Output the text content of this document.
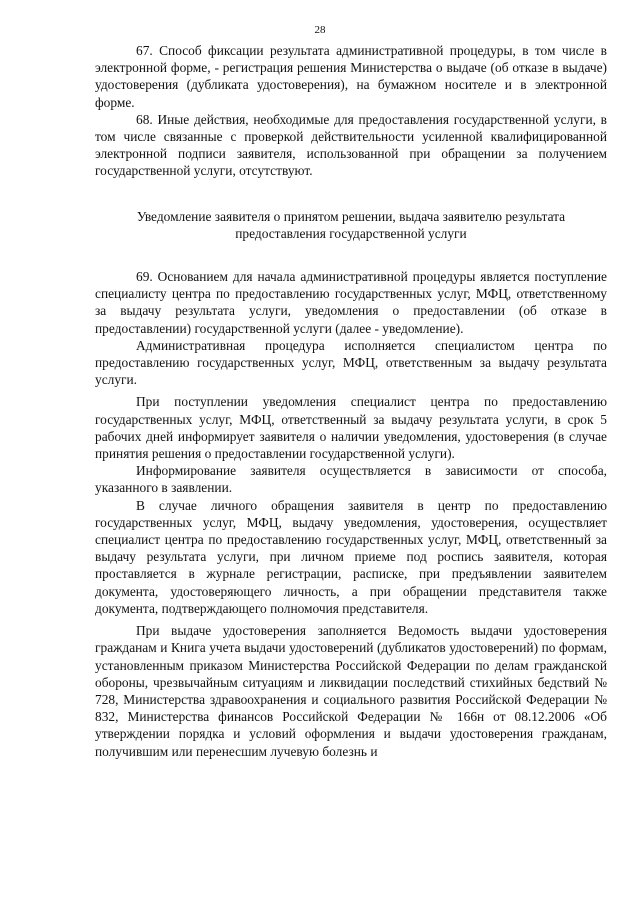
28

67. Способ фиксации результата административной процедуры, в том числе в электронной форме, - регистрация решения Министерства о выдаче (об отказе в выдаче) удостоверения (дубликата удостоверения), на бумажном носителе и в электронной форме.

68. Иные действия, необходимые для предоставления государственной услуги, в том числе связанные с проверкой действительности усиленной квалифицированной электронной подписи заявителя, использованной при обращении за получением государственной услуги, отсутствуют.

Уведомление заявителя о принятом решении, выдача заявителю результата предоставления государственной услуги

69. Основанием для начала административной процедуры является поступление специалисту центра по предоставлению государственных услуг, МФЦ, ответственному за выдачу результата услуги, уведомления о предоставлении (об отказе в предоставлении) государственной услуги (далее - уведомление).

Административная процедура исполняется специалистом центра по предоставлению государственных услуг, МФЦ, ответственным за выдачу результата услуги.

При поступлении уведомления специалист центра по предоставлению государственных услуг, МФЦ, ответственный за выдачу результата услуги, в срок 5 рабочих дней информирует заявителя о наличии уведомления, удостоверения (в случае принятия решения о предоставлении государственной услуги).

Информирование заявителя осуществляется в зависимости от способа, указанного в заявлении.

В случае личного обращения заявителя в центр по предоставлению государственных услуг, МФЦ, выдачу уведомления, удостоверения, осуществляет специалист центра по предоставлению государственных услуг, МФЦ, ответственный за выдачу результата услуги, при личном приеме под роспись заявителя, которая проставляется в журнале регистрации, расписке, при предъявлении заявителем документа, удостоверяющего личность, а при обращении представителя также документа, подтверждающего полномочия представителя.

При выдаче удостоверения заполняется Ведомость выдачи удостоверения гражданам и Книга учета выдачи удостоверений (дубликатов удостоверений) по формам, установленным приказом Министерства Российской Федерации по делам гражданской обороны, чрезвычайным ситуациям и ликвидации последствий стихийных бедствий № 728, Министерства здравоохранения и социального развития Российской Федерации № 832, Министерства финансов Российской Федерации № 166н от 08.12.2006 «Об утверждении порядка и условий оформления и выдачи удостоверения гражданам, получившим или перенесшим лучевую болезнь и
